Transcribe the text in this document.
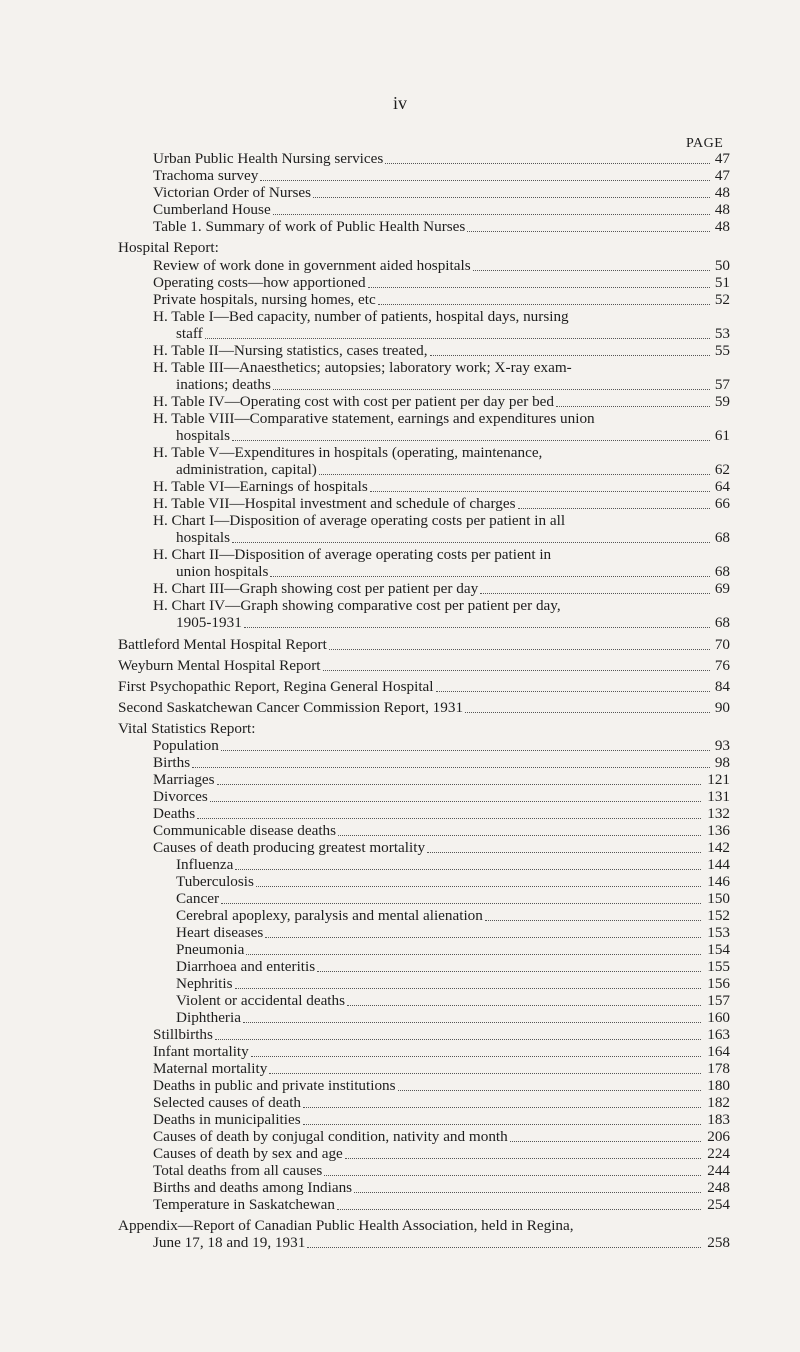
iv
PAGE
Urban Public Health Nursing services	47
Trachoma survey	47
Victorian Order of Nurses	48
Cumberland House	48
Table 1. Summary of work of Public Health Nurses	48
Hospital Report:
Review of work done in government aided hospitals	50
Operating costs—how apportioned	51
Private hospitals, nursing homes, etc	52
H. Table I—Bed capacity, number of patients, hospital days, nursing
staff	53
H. Table II—Nursing statistics, cases treated,	55
H. Table III—Anaesthetics; autopsies; laboratory work; X-ray exam-
inations; deaths	57
H. Table IV—Operating cost with cost per patient per day per bed	59
H. Table VIII—Comparative statement, earnings and expenditures union
hospitals	61
H. Table V—Expenditures in hospitals (operating, maintenance,
administration, capital)	62
H. Table VI—Earnings of hospitals	64
H. Table VII—Hospital investment and schedule of charges	66
H. Chart I—Disposition of average operating costs per patient in all
hospitals	68
H. Chart II—Disposition of average operating costs per patient in
union hospitals	68
H. Chart III—Graph showing cost per patient per day	69
H. Chart IV—Graph showing comparative cost per patient per day,
1905-1931	68
Battleford Mental Hospital Report	70
Weyburn Mental Hospital Report	76
First Psychopathic Report, Regina General Hospital	84
Second Saskatchewan Cancer Commission Report, 1931	90
Vital Statistics Report:
Population	93
Births	98
Marriages	121
Divorces	131
Deaths	132
Communicable disease deaths	136
Causes of death producing greatest mortality	142
Influenza	144
Tuberculosis	146
Cancer	150
Cerebral apoplexy, paralysis and mental alienation	152
Heart diseases	153
Pneumonia	154
Diarrhoea and enteritis	155
Nephritis	156
Violent or accidental deaths	157
Diphtheria	160
Stillbirths	163
Infant mortality	164
Maternal mortality	178
Deaths in public and private institutions	180
Selected causes of death	182
Deaths in municipalities	183
Causes of death by conjugal condition, nativity and month	206
Causes of death by sex and age	224
Total deaths from all causes	244
Births and deaths among Indians	248
Temperature in Saskatchewan	254
Appendix—Report of Canadian Public Health Association, held in Regina,
June 17, 18 and 19, 1931	258
